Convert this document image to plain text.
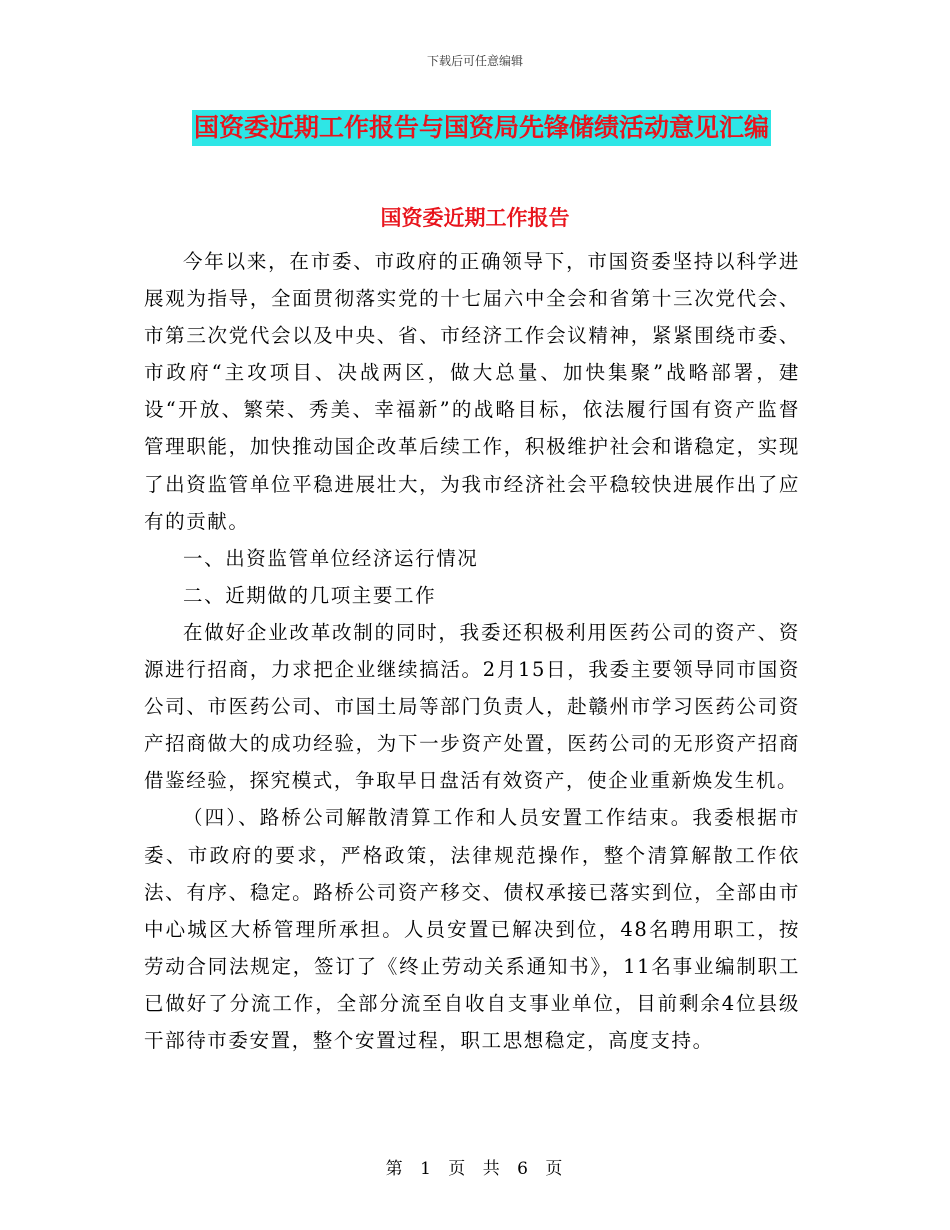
下载后可任意编辑
国资委近期工作报告与国资局先锋储绩活动意见汇编
国资委近期工作报告

今年以来，在市委、市政府的正确领导下，市国资委坚持以科学进展观为指导，全面贯彻落实党的十七届六中全会和省第十三次党代会、市第三次党代会以及中央、省、市经济工作会议精神，紧紧围绕市委、市政府“主攻项目、决战两区，做大总量、加快集聚”战略部署，建设“开放、繁荣、秀美、幸福新”的战略目标，依法履行国有资产监督管理职能，加快推动国企改革后续工作，积极维护社会和谐稳定，实现了出资监管单位平稳进展壮大，为我市经济社会平稳较快进展作出了应有的贡献。

一、出资监管单位经济运行情况

二、近期做的几项主要工作

在做好企业改革改制的同时，我委还积极利用医药公司的资产、资源进行招商，力求把企业继续搞活。2月15日，我委主要领导同市国资公司、市医药公司、市国土局等部门负责人，赴赣州市学习医药公司资产招商做大的成功经验，为下一步资产处置，医药公司的无形资产招商借鉴经验，探究模式，争取早日盘活有效资产，使企业重新焕发生机。

（四）、路桥公司解散清算工作和人员安置工作结束。我委根据市委、市政府的要求，严格政策，法律规范操作，整个清算解散工作依法、有序、稳定。路桥公司资产移交、债权承接已落实到位，全部由市中心城区大桥管理所承担。人员安置已解决到位，48名聘用职工，按劳动合同法规定，签订了《终止劳动关系通知书》，11名事业编制职工已做好了分流工作，全部分流至自收自支事业单位，目前剩余4位县级干部待市委安置，整个安置过程，职工思想稳定，高度支持。

第 1 页 共 6 页
